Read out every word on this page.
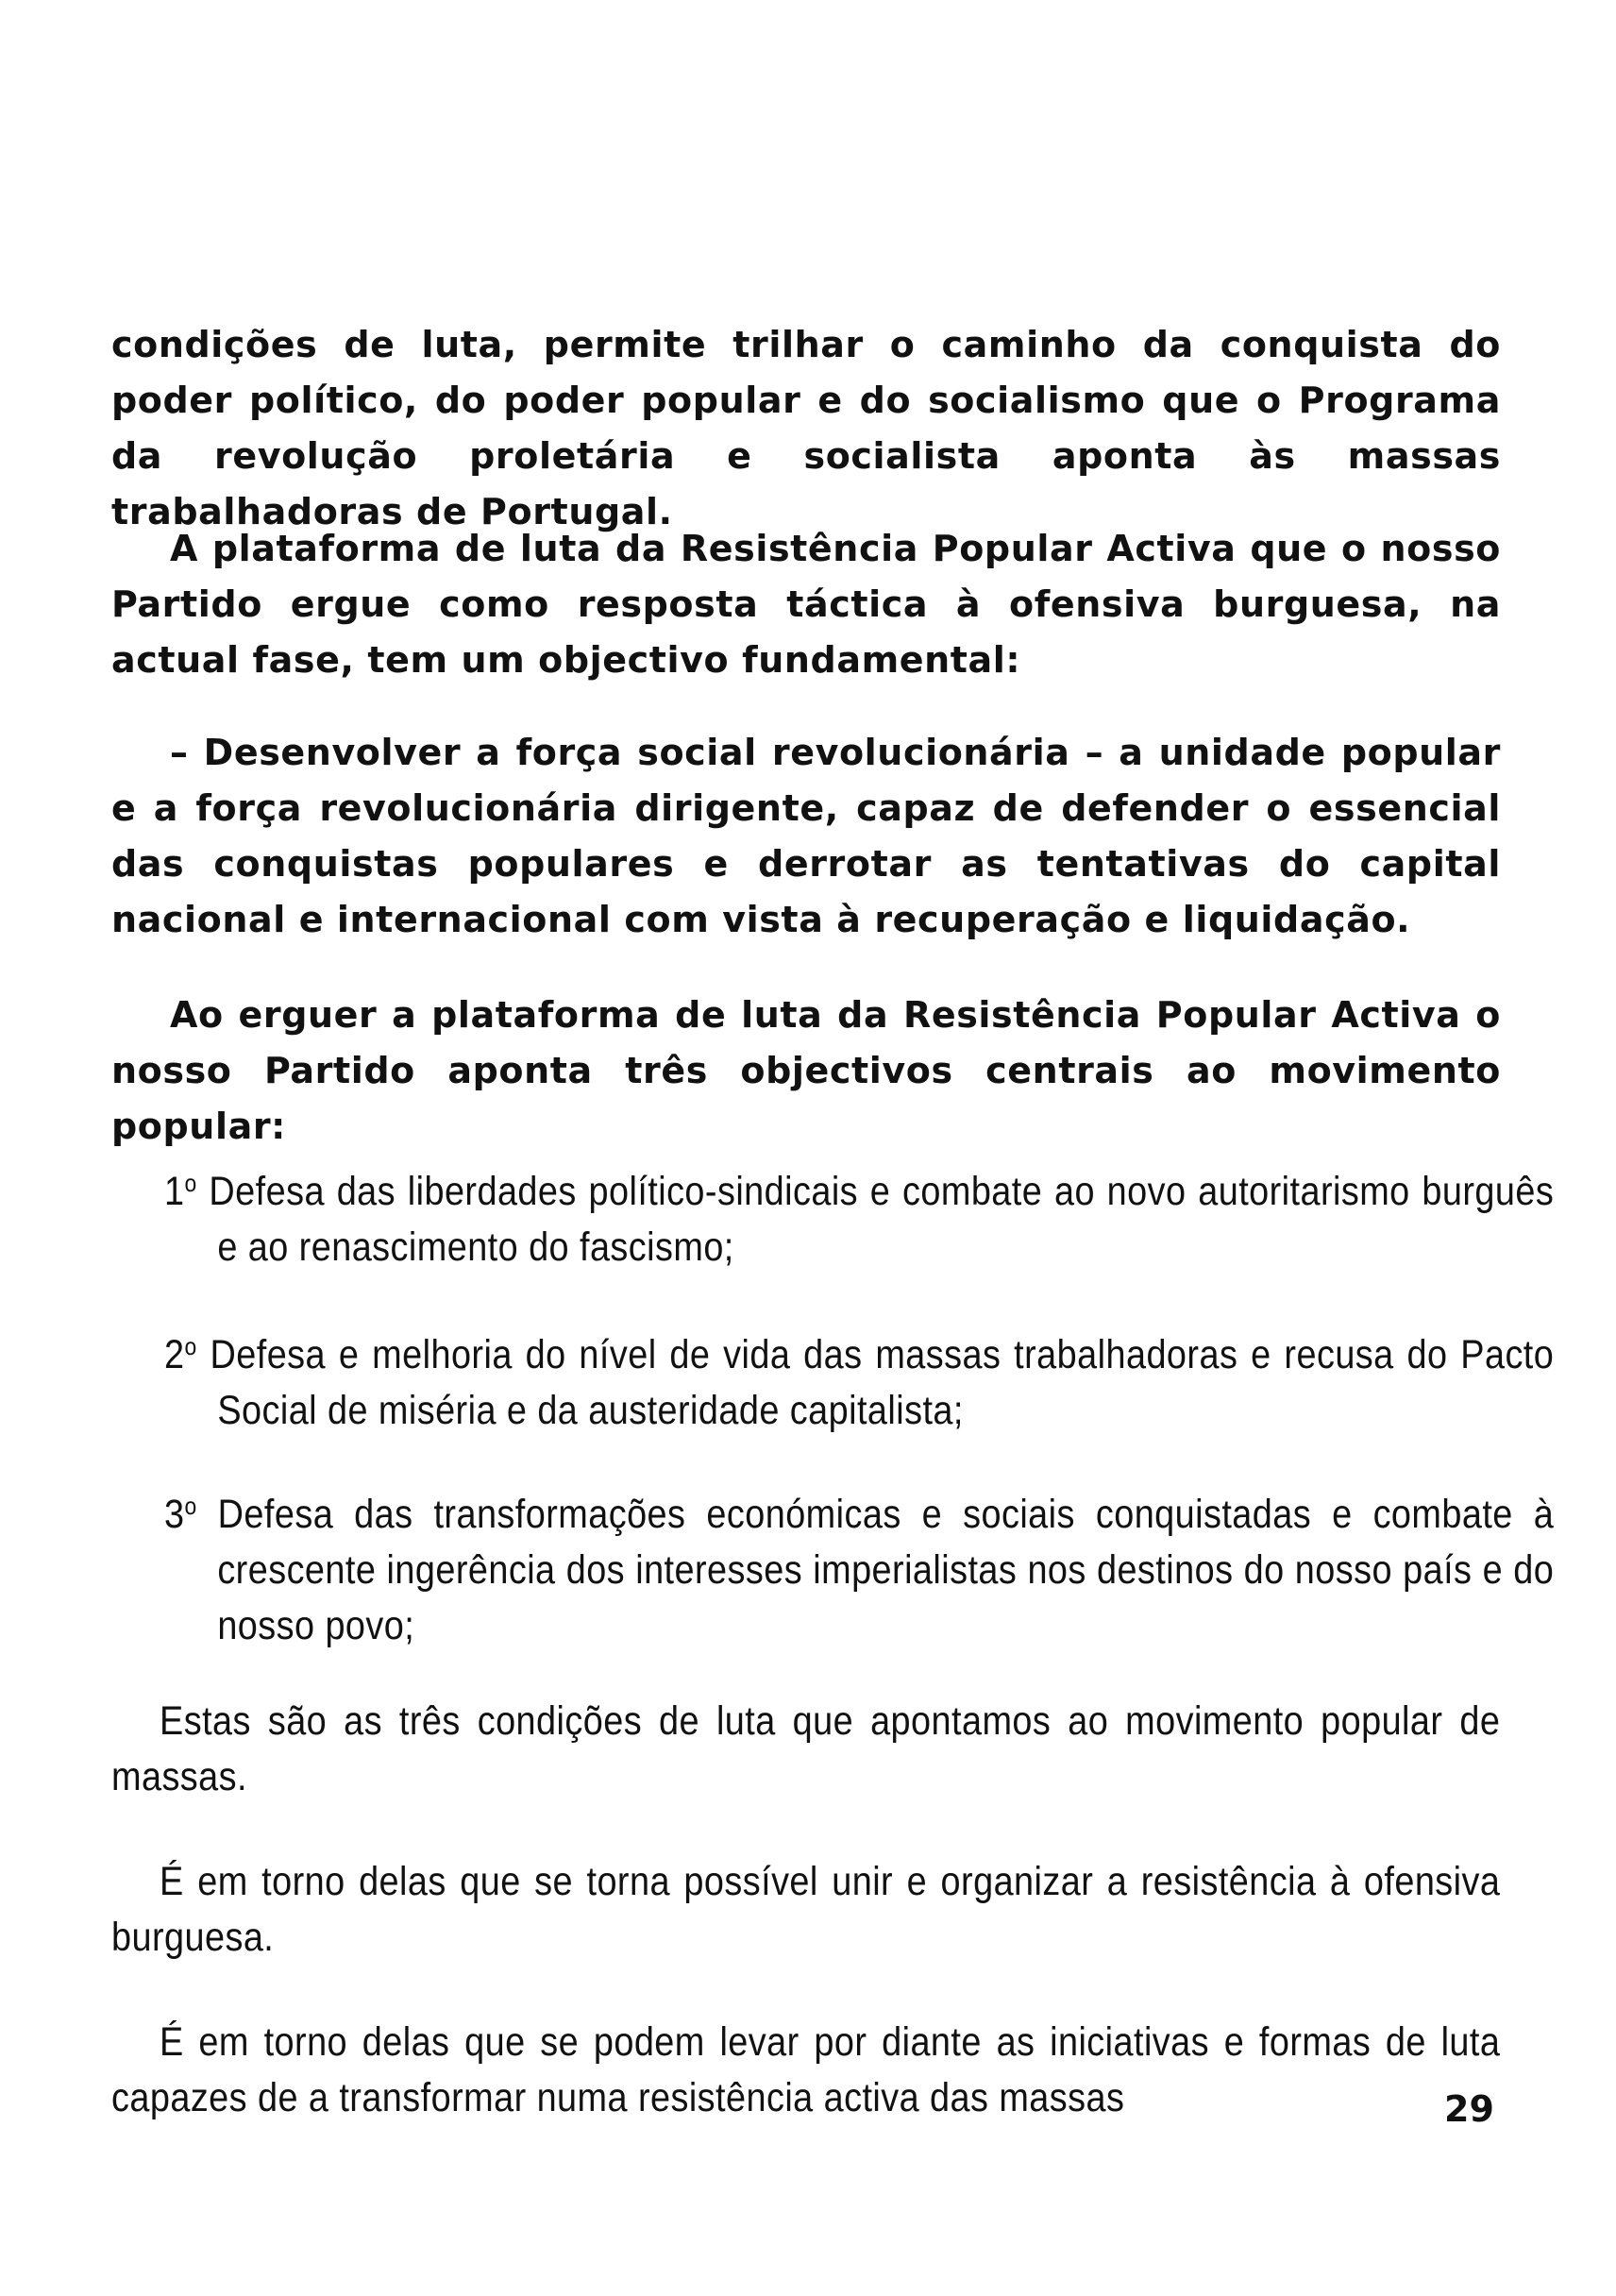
condições de luta, permite trilhar o caminho da conquista do poder político, do poder popular e do socialismo que o Programa da revolução proletária e socialista aponta às massas trabalhadoras de Portugal.

A plataforma de luta da Resistência Popular Activa que o nosso Partido ergue como resposta táctica à ofensiva burguesa, na actual fase, tem um objectivo fundamental:

– Desenvolver a força social revolucionária – a unidade popular e a força revolucionária dirigente, capaz de defender o essencial das conquistas populares e derrotar as tentativas do capital nacional e internacional com vista à recuperação e liquidação.

Ao erguer a plataforma de luta da Resistência Popular Activa o nosso Partido aponta três objectivos centrais ao movimento popular:

1$^o$ Defesa das liberdades político-sindicais e combate ao novo autoritarismo burguês e ao renascimento do fascismo;
2$^o$ Defesa e melhoria do nível de vida das massas trabalhadoras e recusa do Pacto Social de miséria e da austeridade capitalista;
3$^o$ Defesa das transformações económicas e sociais conquistadas e combate à crescente ingerência dos interesses imperialistas nos destinos do nosso país e do nosso povo;

Estas são as três condições de luta que apontamos ao movimento popular de massas.

É em torno delas que se torna possível unir e organizar a resistência à ofensiva burguesa.

É em torno delas que se podem levar por diante as iniciativas e formas de luta capazes de a transformar numa resistência activa das massas	29
